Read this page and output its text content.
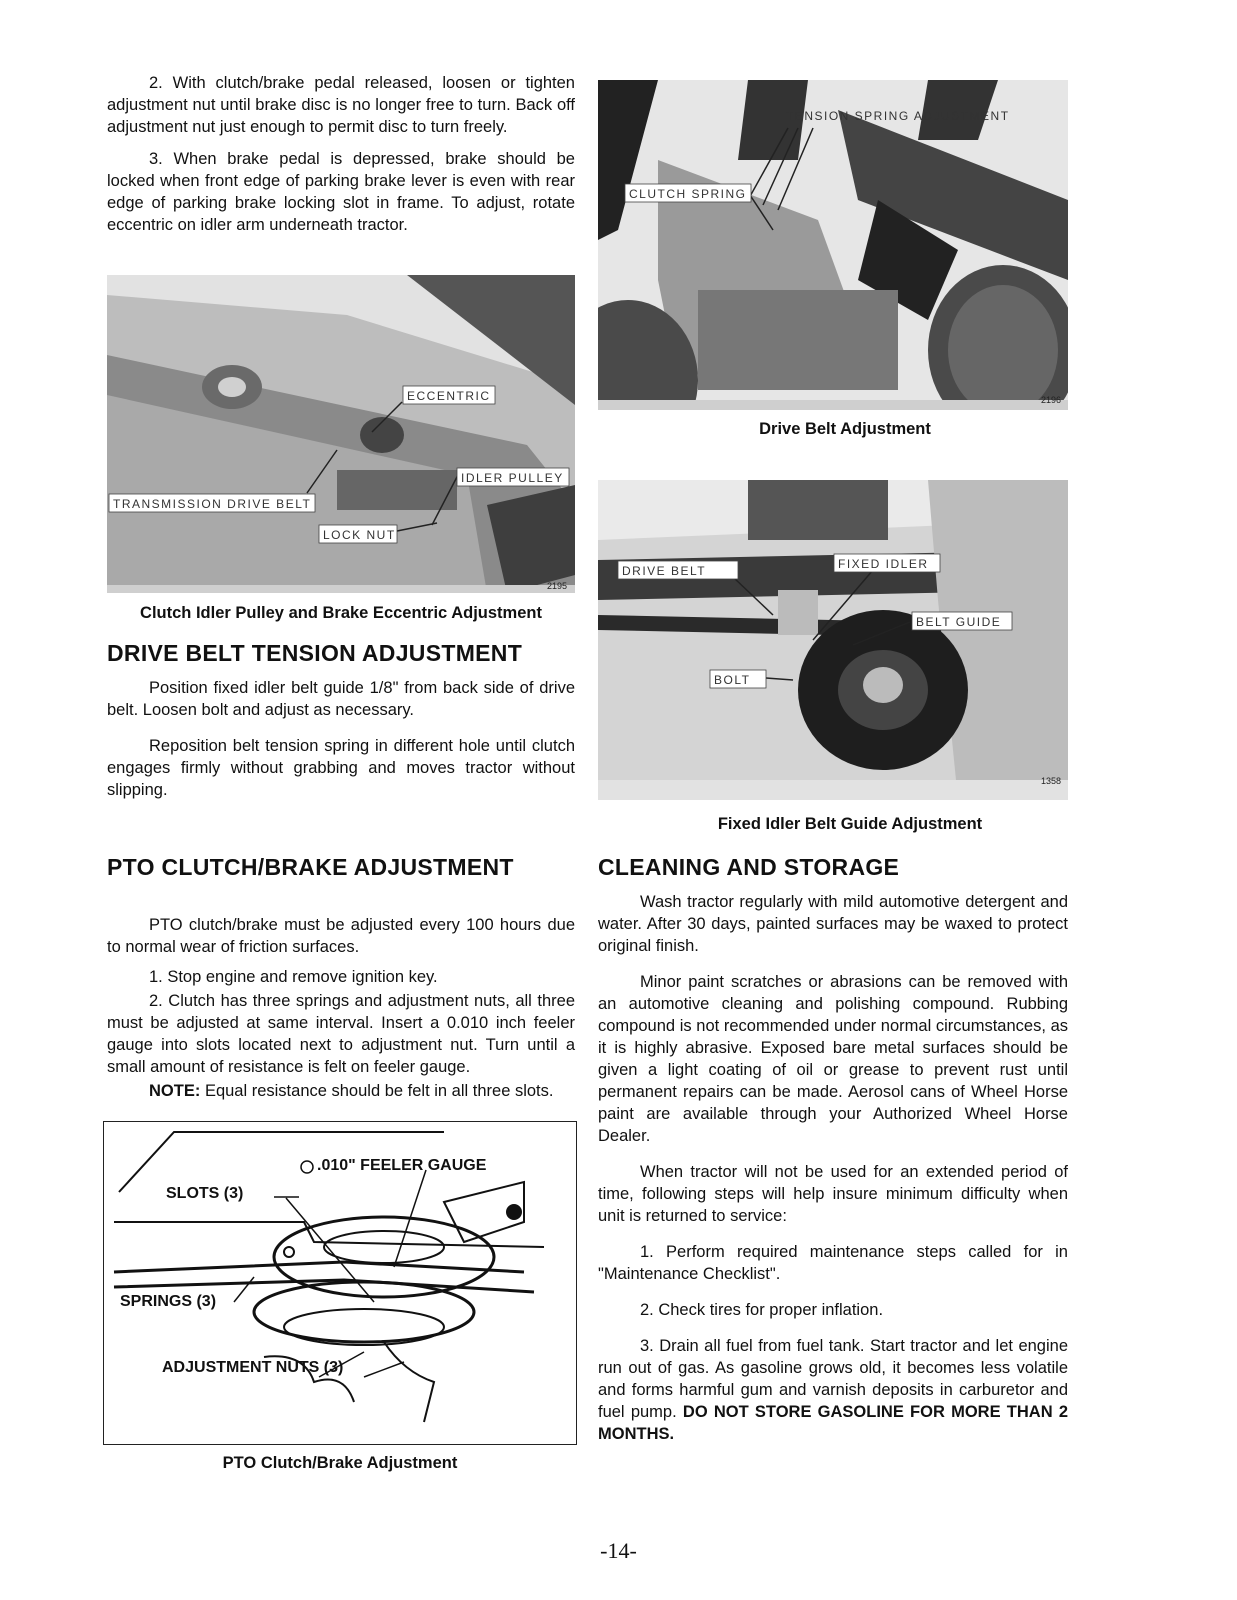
2. With clutch/brake pedal released, loosen or tighten adjustment nut until brake disc is no longer free to turn. Back off adjustment nut just enough to permit disc to turn freely.

3. When brake pedal is depressed, brake should be locked when front edge of parking brake lever is even with rear edge of parking brake locking slot in frame. To adjust, rotate eccentric on idler arm underneath tractor.

ECCENTRIC
IDLER PULLEY
TRANSMISSION DRIVE BELT
LOCK NUT
2195
Clutch Idler Pulley and Brake Eccentric Adjustment
DRIVE BELT TENSION ADJUSTMENT

Position fixed idler belt guide 1/8" from back side of drive belt. Loosen bolt and adjust as necessary.

Reposition belt tension spring in different hole until clutch engages firmly without grabbing and moves tractor without slipping.

PTO CLUTCH/BRAKE ADJUSTMENT

PTO clutch/brake must be adjusted every 100 hours due to normal wear of friction surfaces.

1. Stop engine and remove ignition key.

2. Clutch has three springs and adjustment nuts, all three must be adjusted at same interval. Insert a 0.010 inch feeler gauge into slots located next to adjustment nut. Turn until a small amount of resistance is felt on feeler gauge.

NOTE: Equal resistance should be felt in all three slots.

.010" FEELER GAUGE
SLOTS (3)
SPRINGS (3)
ADJUSTMENT NUTS (3)
PTO Clutch/Brake Adjustment
TENSION SPRING ADJUSTMENT
CLUTCH SPRING
2196
Drive Belt Adjustment
DRIVE BELT	FIXED IDLER
BELT GUIDE
BOLT
1358
Fixed Idler Belt Guide Adjustment
CLEANING AND STORAGE

Wash tractor regularly with mild automotive detergent and water. After 30 days, painted surfaces may be waxed to protect original finish.

Minor paint scratches or abrasions can be removed with an automotive cleaning and polishing compound. Rubbing compound is not recommended under normal circumstances, as it is highly abrasive. Exposed bare metal surfaces should be given a light coating of oil or grease to prevent rust until permanent repairs can be made. Aerosol cans of Wheel Horse paint are available through your Authorized Wheel Horse Dealer.

When tractor will not be used for an extended period of time, following steps will help insure minimum difficulty when unit is returned to service:

1. Perform required maintenance steps called for in "Maintenance Checklist".

2. Check tires for proper inflation.

3. Drain all fuel from fuel tank. Start tractor and let engine run out of gas. As gasoline grows old, it becomes less volatile and forms harmful gum and varnish deposits in carburetor and fuel pump. DO NOT STORE GASOLINE FOR MORE THAN 2 MONTHS.

-14-
